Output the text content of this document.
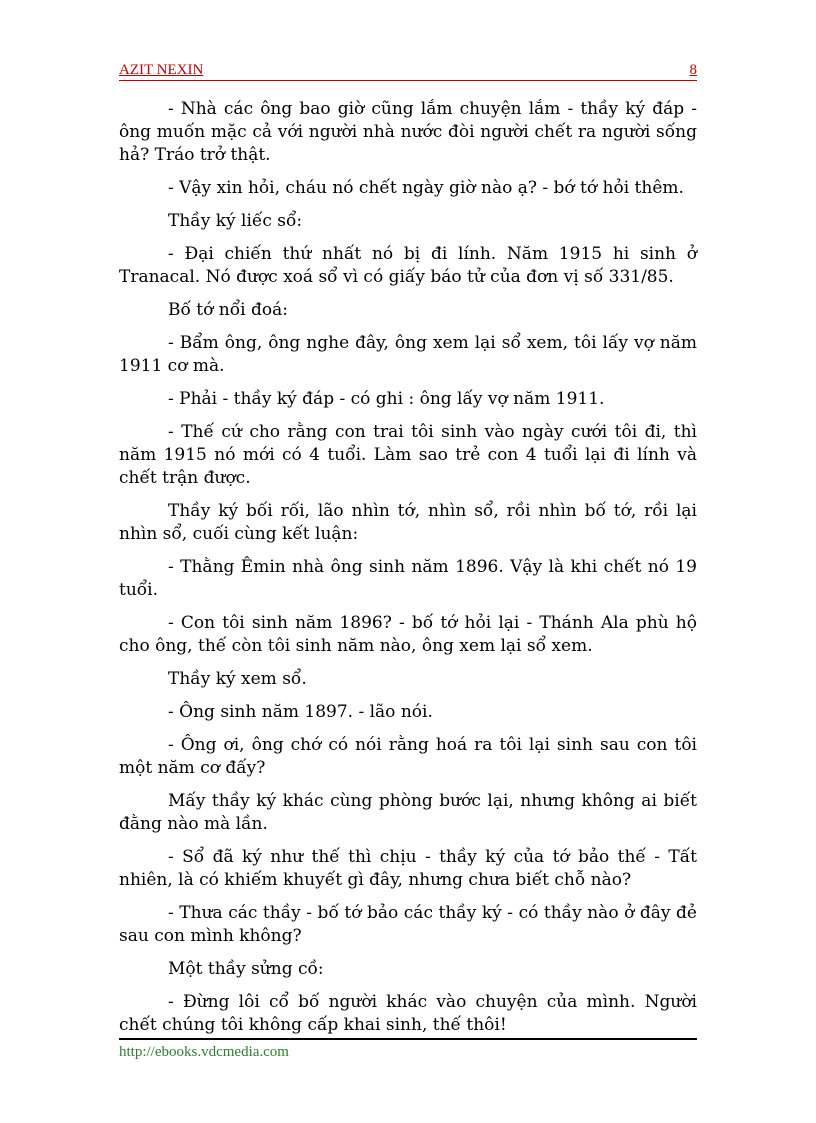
AZIT NEXIN	8

- Nhà các ông bao giờ cũng lắm chuyện lắm - thầy ký đáp - ông muốn mặc cả với người nhà nước đòi người chết ra người sống hả? Tráo trở thật.

- Vậy xin hỏi, cháu nó chết ngày giờ nào ạ? - bớ tớ hỏi thêm.

Thầy ký liếc sổ:

- Đại chiến thứ nhất nó bị đi lính. Năm 1915 hi sinh ở Tranacal. Nó được xoá sổ vì có giấy báo tử của đơn vị số 331/85.

Bố tớ nổi đoá:

- Bẩm ông, ông nghe đây, ông xem lại sổ xem, tôi lấy vợ năm 1911 cơ mà.

- Phải - thầy ký đáp - có ghi : ông lấy vợ năm 1911.

- Thế cứ cho rằng con trai tôi sinh vào ngày cưới tôi đi, thì năm 1915 nó mới có 4 tuổi. Làm sao trẻ con 4 tuổi lại đi lính và chết trận được.

Thầy ký bối rối, lão nhìn tớ, nhìn sổ, rồi nhìn bố tớ, rồi lại nhìn sổ, cuối cùng kết luận:

- Thằng Êmin nhà ông sinh năm 1896. Vậy là khi chết nó 19 tuổi.

- Con tôi sinh năm 1896? - bố tớ hỏi lại - Thánh Ala phù hộ cho ông, thế còn tôi sinh năm nào, ông xem lại sổ xem.

Thầy ký xem sổ.

- Ông sinh năm 1897. - lão nói.

- Ông ơi, ông chớ có nói rằng hoá ra tôi lại sinh sau con tôi một năm cơ đấy?

Mấy thầy ký khác cùng phòng bước lại, nhưng không ai biết đằng nào mà lần.

- Sổ đã ký như thế thì chịu - thầy ký của tớ bảo thế - Tất nhiên, là có khiếm khuyết gì đây, nhưng chưa biết chỗ nào?

- Thưa các thầy - bố tớ bảo các thầy ký - có thầy nào ở đây đẻ sau con mình không?

Một thầy sửng cồ:

- Đừng lôi cổ bố người khác vào chuyện của mình. Người chết chúng tôi không cấp khai sinh, thế thôi!

http://ebooks.vdcmedia.com
